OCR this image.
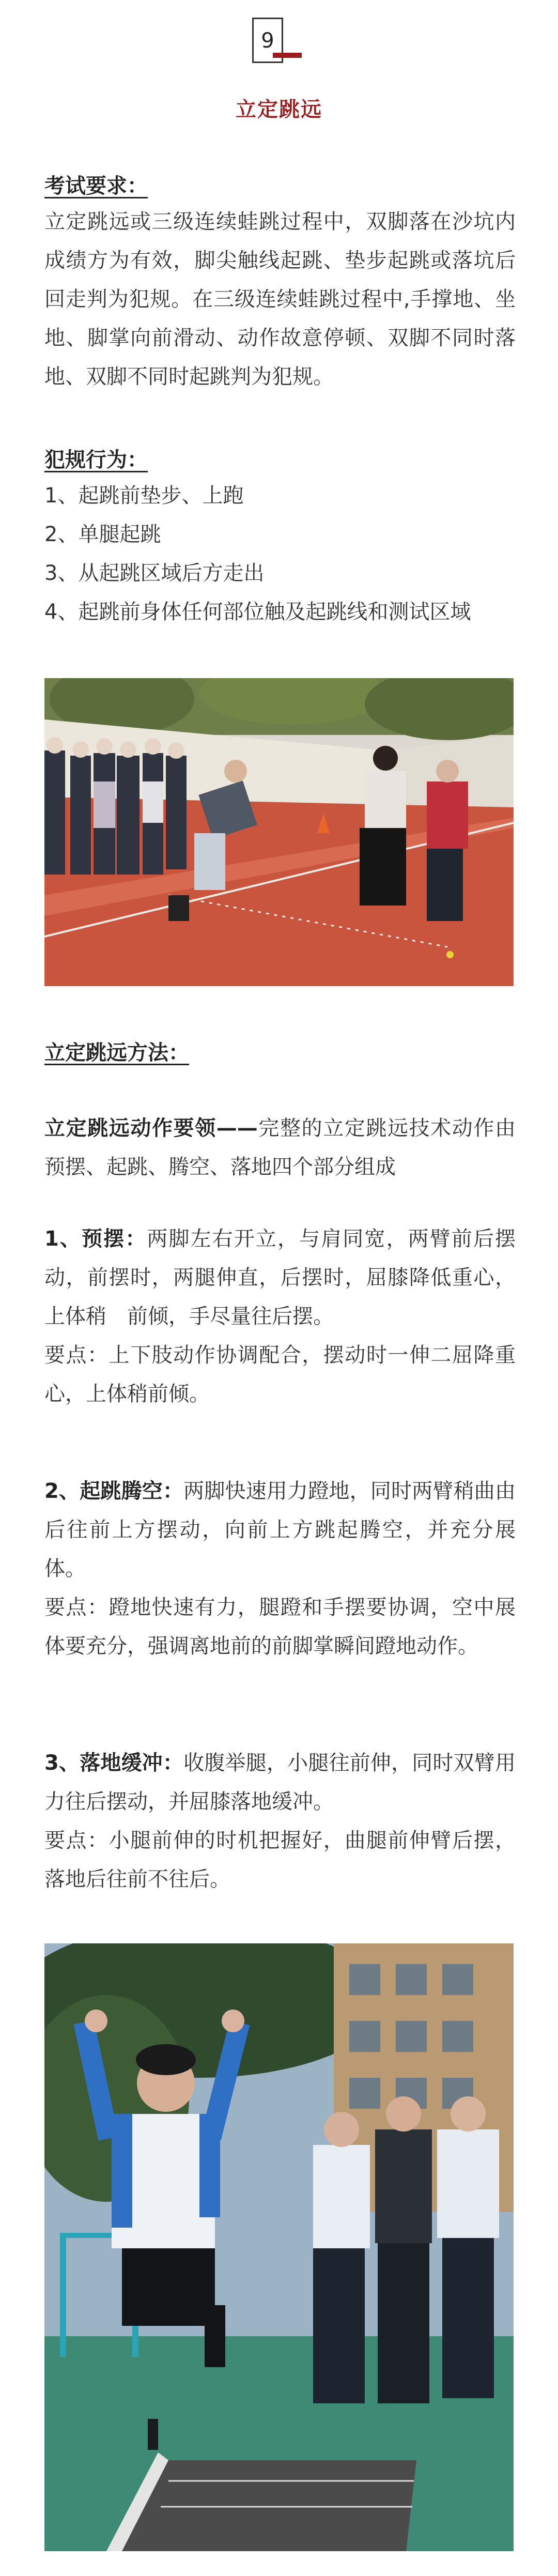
9
立定跳远
考试要求：

立定跳远或三级连续蛙跳过程中，双脚落在沙坑内成绩方为有效，脚尖触线起跳、垫步起跳或落坑后回走判为犯规。在三级连续蛙跳过程中,手撑地、坐地、脚掌向前滑动、动作故意停顿、双脚不同时落地、双脚不同时起跳判为犯规。

犯规行为：

1、起跳前垫步、上跑

2、单腿起跳

3、从起跳区域后方走出

4、起跳前身体任何部位触及起跳线和测试区域

立定跳远方法：

立定跳远动作要领——完整的立定跳远技术动作由预摆、起跳、腾空、落地四个部分组成

1、预摆：两脚左右开立，与肩同宽，两臂前后摆动，前摆时，两腿伸直，后摆时，屈膝降低重心，上体稍　前倾，手尽量往后摆。

要点：上下肢动作协调配合，摆动时一伸二屈降重心，上体稍前倾。

2、起跳腾空：两脚快速用力蹬地，同时两臂稍曲由后往前上方摆动，向前上方跳起腾空，并充分展体。

要点：蹬地快速有力，腿蹬和手摆要协调，空中展体要充分，强调离地前的前脚掌瞬间蹬地动作。

3、落地缓冲：收腹举腿，小腿往前伸，同时双臂用力往后摆动，并屈膝落地缓冲。

要点：小腿前伸的时机把握好，曲腿前伸臂后摆，落地后往前不往后。
